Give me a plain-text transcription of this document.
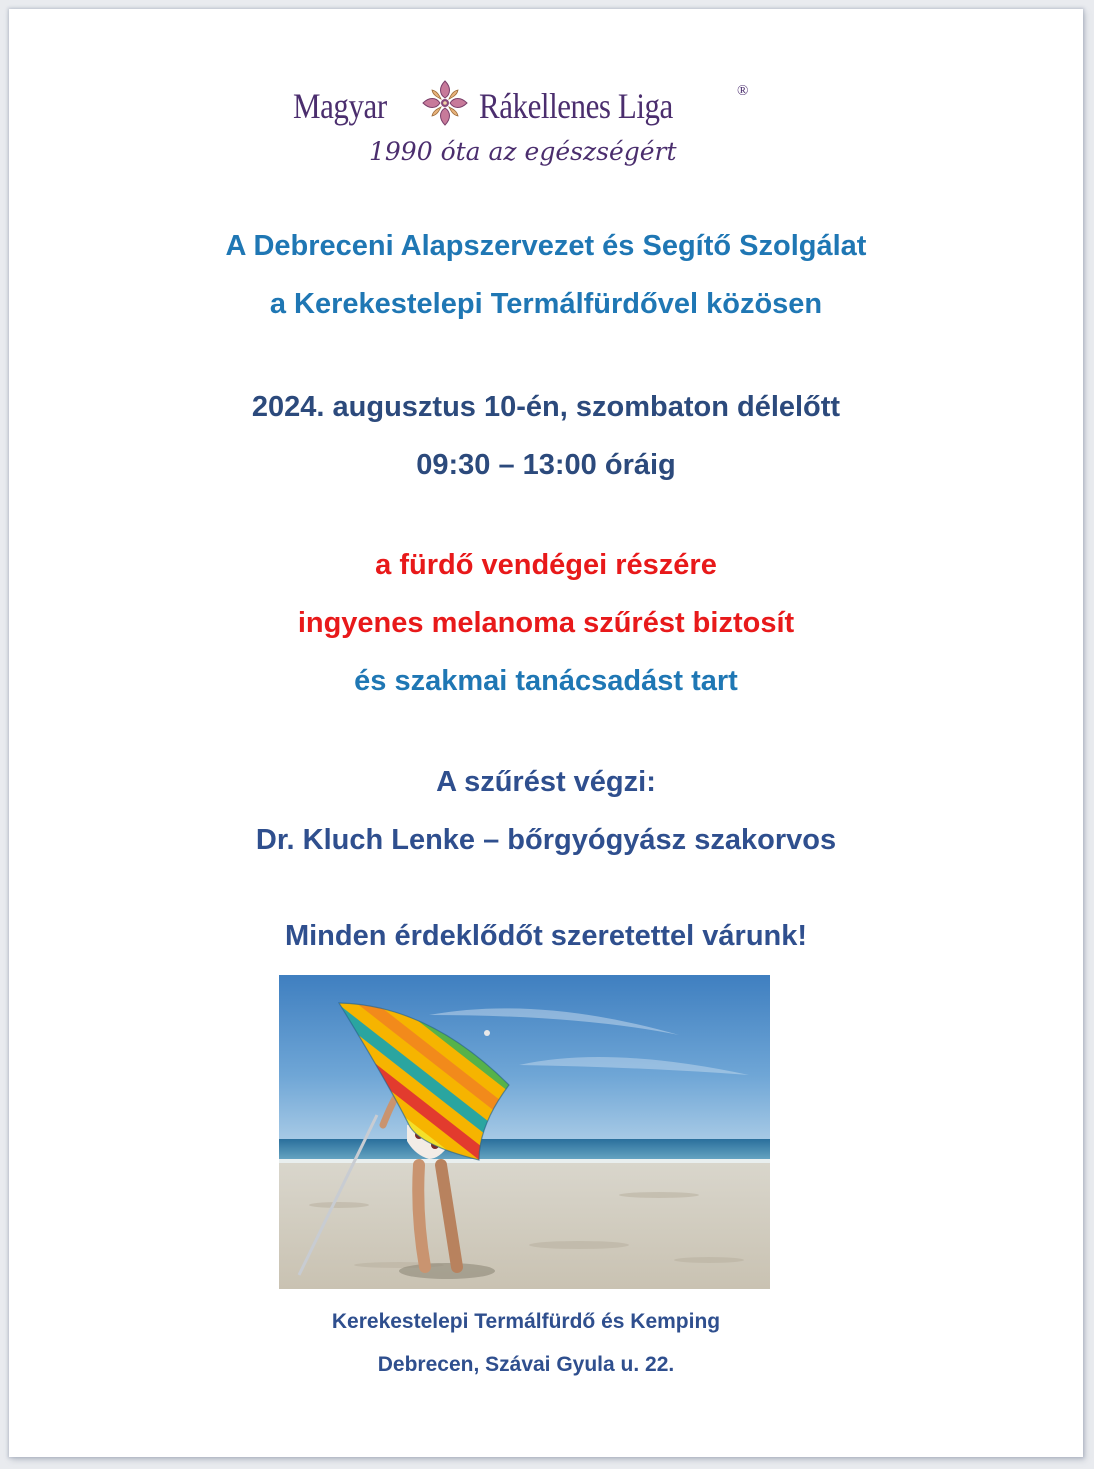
Magyar	Rákellenes Liga	®
1990 óta az egészségért
A Debreceni Alapszervezet és Segítő Szolgálat
a Kerekestelepi Termálfürdővel közösen
2024. augusztus 10-én, szombaton délelőtt
09:30 – 13:00 óráig
a fürdő vendégei részére
ingyenes melanoma szűrést biztosít
és szakmai tanácsadást tart
A szűrést végzi:
Dr. Kluch Lenke – bőrgyógyász szakorvos
Minden érdeklődőt szeretettel várunk!
Kerekestelepi Termálfürdő és Kemping
Debrecen, Szávai Gyula u. 22.
